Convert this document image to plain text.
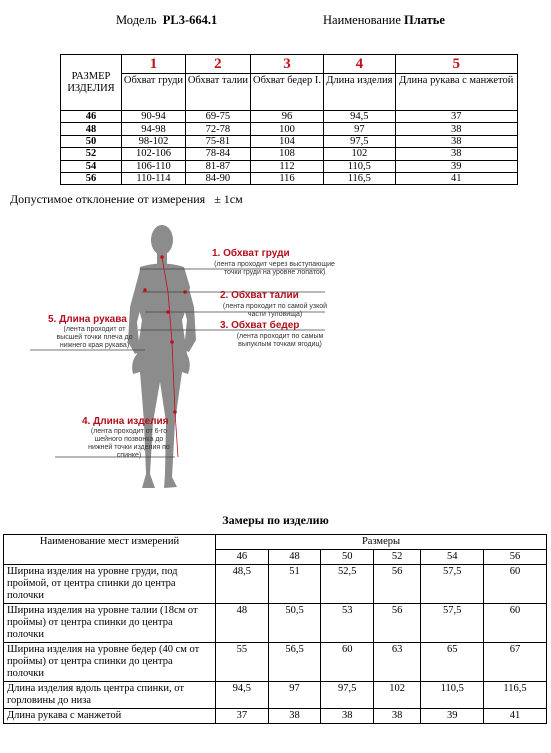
Модель PL3-664.1	Наименование Платье
РАЗМЕР ИЗДЕЛИЯ	1	2	3	4	5
	Обхват груди	Обхват талии	Обхват бедер I.	Длина изделия	Длина рукава с манжетой
46	90-94	69-75	96	94,5	37
48	94-98	72-78	100	97	38
50	98-102	75-81	104	97,5	38
52	102-106	78-84	108	102	38
54	106-110	81-87	112	110,5	39
56	110-114	84-90	116	116,5	41
Допустимое отклонение от измерения ± 1см
1. Обхват груди
(лента проходит через выступающие точки груди на уровне лопаток)
2. Обхват талии
(лента проходит по самой узкой части туловища)
3. Обхват бедер
(лента проходит по самым выпуклым точкам ягодиц)
5. Длина рукава
(лента проходит от высшей точки плеча до нижнего края рукава)
4. Длина изделия
(лента проходит от 6-го шейного позвонка до нижней точки изделия по спинке)
Замеры по изделию
Наименование мест измерений	Размеры					
	46	48	50	52	54	56
Ширина изделия на уровне груди, под проймой, от центра спинки до центра полочки	48,5	51	52,5	56	57,5	60
Ширина изделия на уровне талии (18см от проймы) от центра спинки до центра полочки	48	50,5	53	56	57,5	60
Ширина изделия на уровне бедер (40 см от проймы) от центра спинки до центра полочки	55	56,5	60	63	65	67
Длина изделия вдоль центра спинки, от горловины до низа	94,5	97	97,5	102	110,5	116,5
Длина рукава с манжетой	37	38	38	38	39	41
